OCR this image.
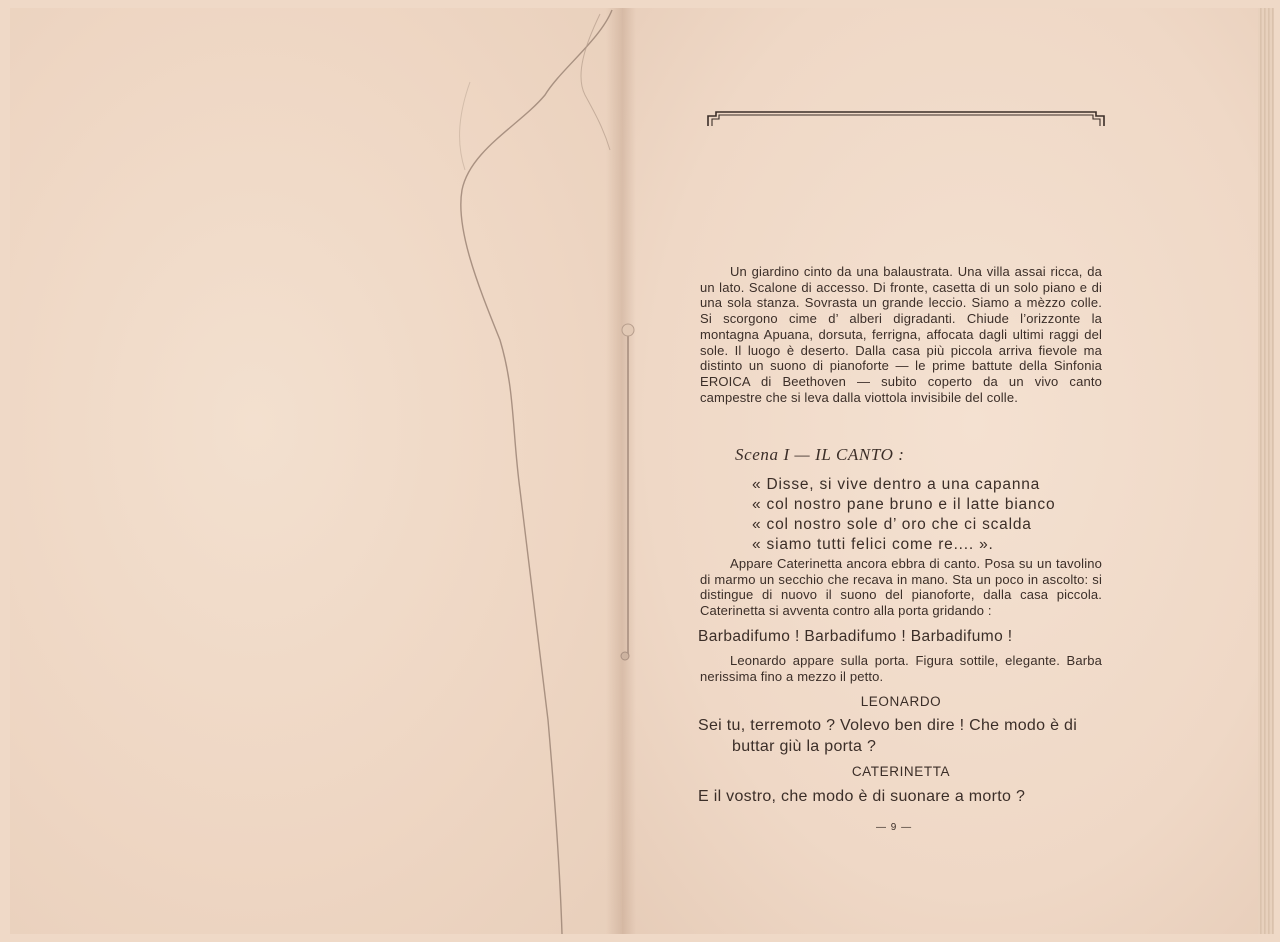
Un giardino cinto da una balaustrata. Una villa assai ricca, da un lato. Scalone di accesso. Di fronte, casetta di un solo piano e di una sola stanza. Sovrasta un grande leccio. Siamo a mèzzo colle. Si scorgono cime d’ alberi digradanti. Chiude l’orizzonte la montagna Apuana, dorsuta, ferrigna, affocata dagli ultimi raggi del sole. Il luogo è deserto. Dalla casa più piccola arriva fievole ma distinto un suono di pianoforte — le prime battute della Sinfonia EROICA di Beethoven — subito coperto da un vivo canto campestre che si leva dalla viottola invisibile del colle.
Scena I — IL CANTO :
« Disse, si vive dentro a una capanna
« col nostro pane bruno e il latte bianco
« col nostro sole d’ oro che ci scalda
« siamo tutti felici come re.... ».
Appare Caterinetta ancora ebbra di canto. Posa su un tavolino di marmo un secchio che recava in mano. Sta un poco in ascolto: si distingue di nuovo il suono del pianoforte, dalla casa piccola. Caterinetta si avventa contro alla porta gridando :
Barbadifumo ! Barbadifumo ! Barbadifumo !
Leonardo appare sulla porta. Figura sottile, elegante. Barba nerissima fino a mezzo il petto.
LEONARDO
Sei tu, terremoto ? Volevo ben dire ! Che modo è di
buttar giù la porta ?
CATERINETTA
E il vostro, che modo è di suonare a morto ?
— 9 —
